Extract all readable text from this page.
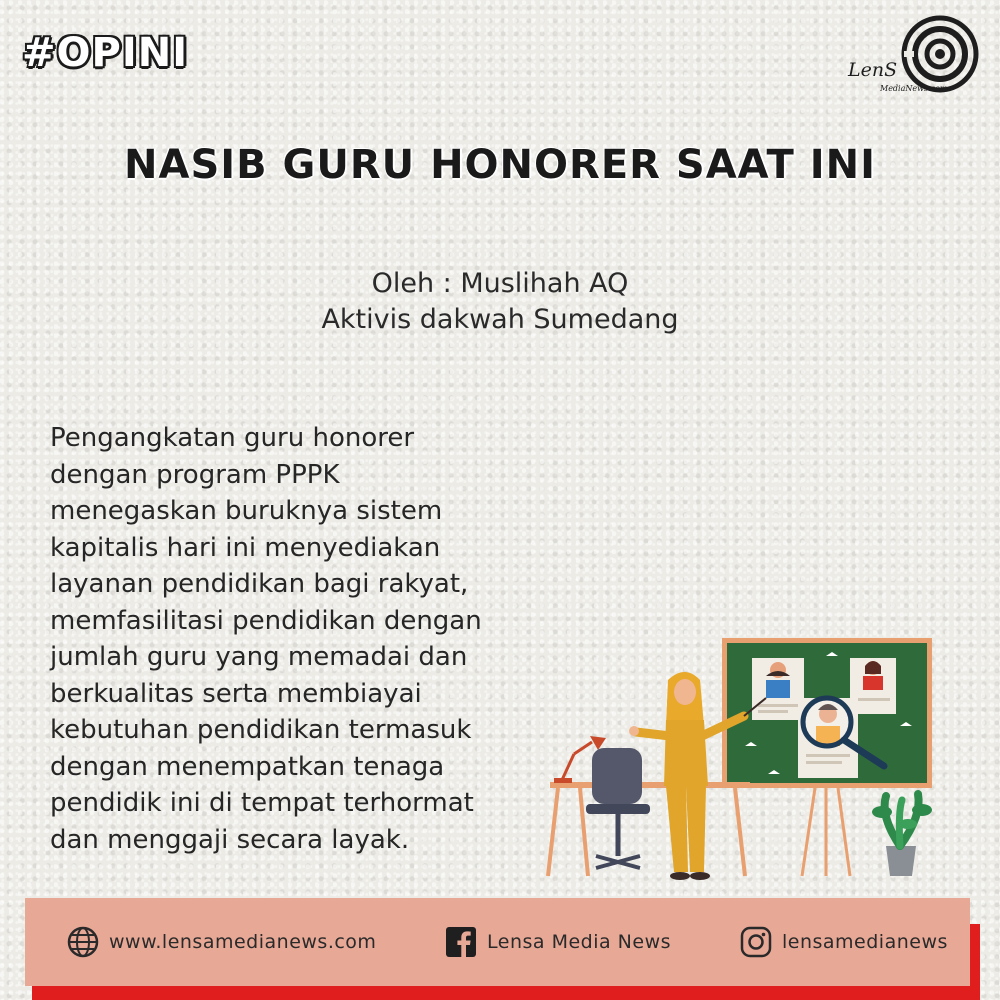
#OPINI	LenS
MediaNews.com
NASIB GURU HONORER SAAT INI
Oleh : Muslihah AQ
Aktivis dakwah Sumedang

Pengangkatan guru honorer

dengan program PPPK

menegaskan buruknya sistem

kapitalis hari ini menyediakan

layanan pendidikan bagi rakyat,

memfasilitasi pendidikan dengan

jumlah guru yang memadai dan

berkualitas serta membiayai

kebutuhan pendidikan termasuk

dengan menempatkan tenaga

pendidik ini di tempat terhormat

dan menggaji secara layak.

www.lensamedianews.com	Lensa Media News	lensamedianews
